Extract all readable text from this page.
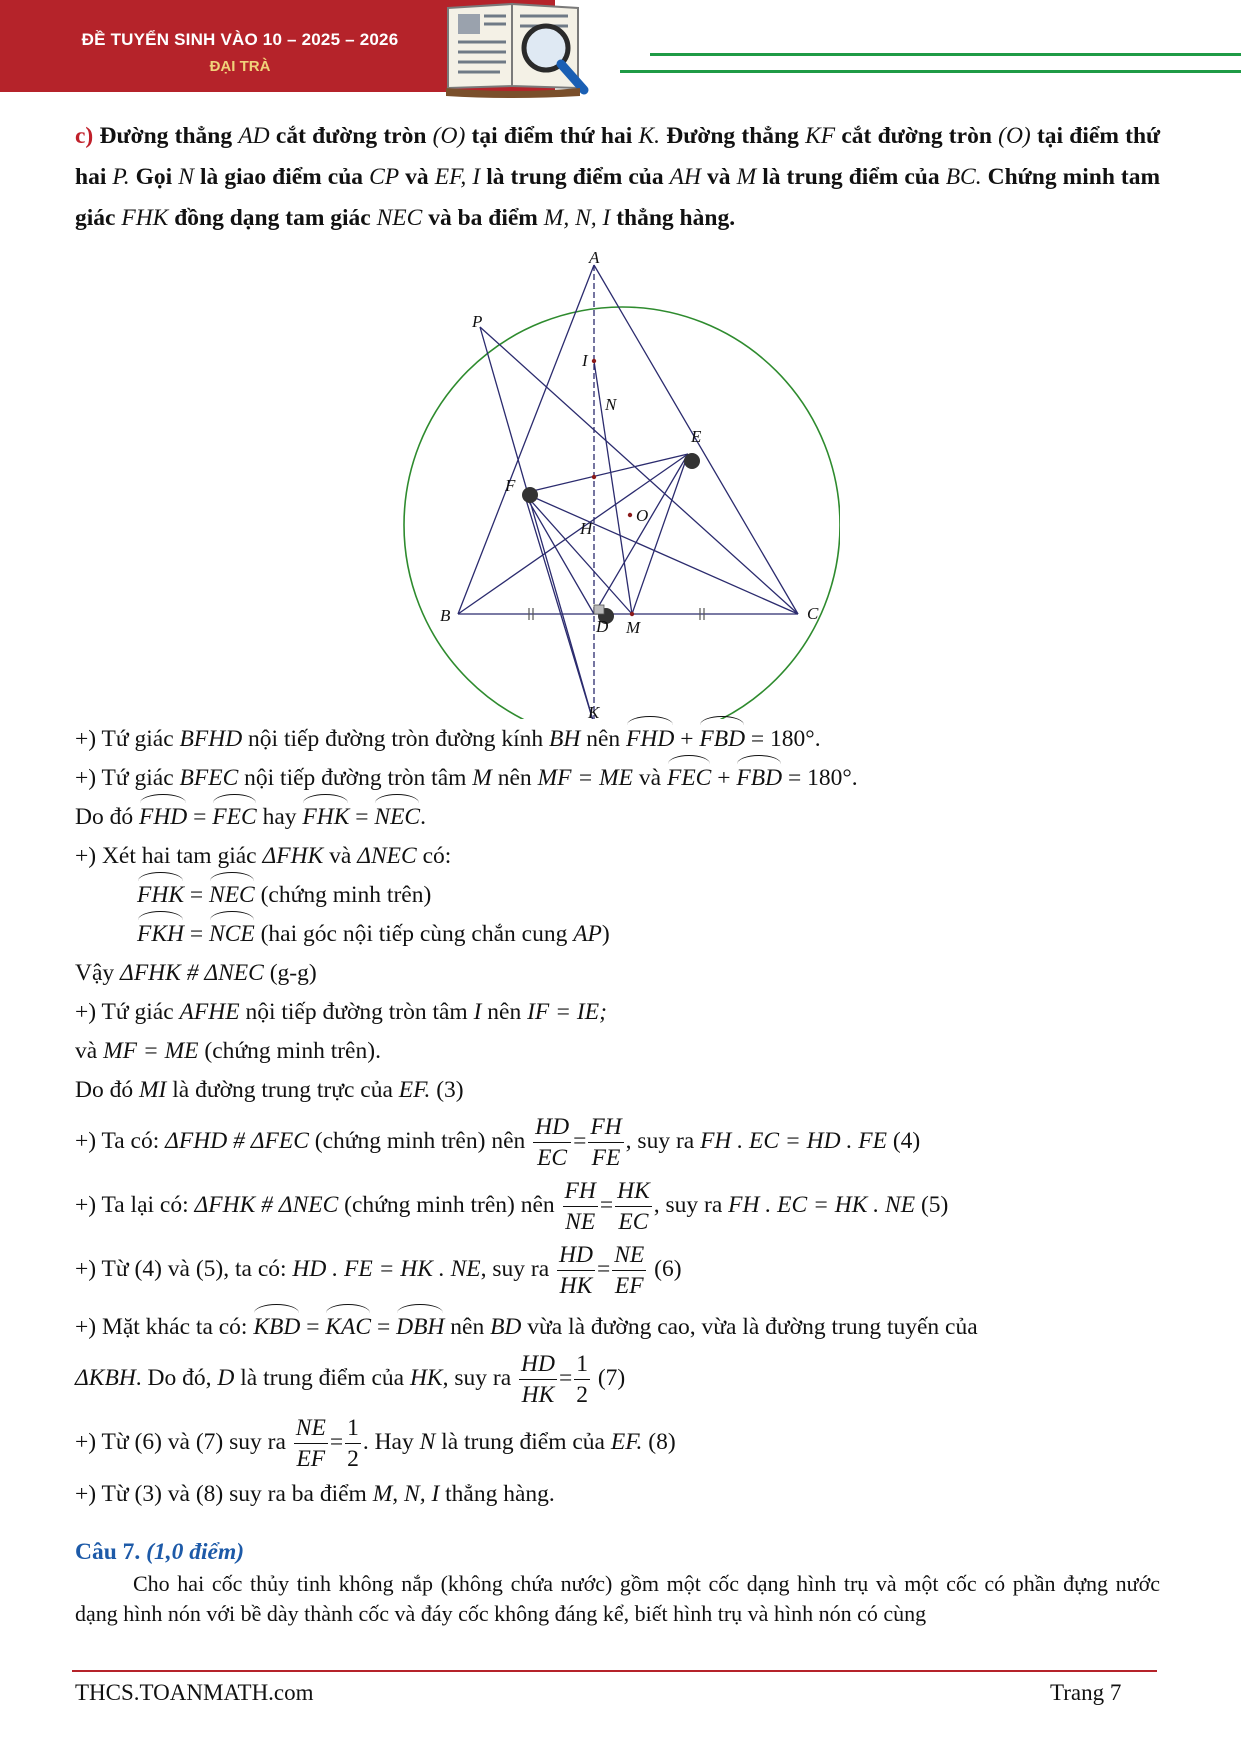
ĐỀ TUYỂN SINH VÀO 10 – 2025 – 2026
ĐẠI TRÀ
c) Đường thẳng AD cắt đường tròn (O) tại điểm thứ hai K. Đường thẳng KF cắt đường tròn (O) tại điểm thứ hai P. Gọi N là giao điểm của CP và EF, I là trung điểm của AH và M là trung điểm của BC. Chứng minh tam giác FHK đồng dạng tam giác NEC và ba điểm M, N, I thẳng hàng.
A
P
I
N
E
F
O
H
B
D M
C
K
+) Tứ giác BFHD nội tiếp đường tròn đường kính BH nên FHD + FBD = 180°.
+) Tứ giác BFEC nội tiếp đường tròn tâm M nên MF = ME và FEC + FBD = 180°.
Do đó FHD = FEC hay FHK = NEC.
+) Xét hai tam giác ΔFHK và ΔNEC có:
FHK = NEC (chứng minh trên)
FKH = NCE (hai góc nội tiếp cùng chắn cung AP)
Vậy ΔFHK # ΔNEC (g-g)
+) Tứ giác AFHE nội tiếp đường tròn tâm I nên IF = IE;
và MF = ME (chứng minh trên).
Do đó MI là đường trung trực của EF. (3)
+) Ta có: ΔFHD # ΔFEC (chứng minh trên) nên $\frac{HD}{EC} = \frac{FH}{FE}$ , suy ra FH . EC = HD . FE (4)
+) Ta lại có: ΔFHK # ΔNEC (chứng minh trên) nên $\frac{FH}{NE} = \frac{HK}{EC}$ , suy ra FH . EC = HK . NE (5)
+) Từ (4) và (5), ta có: HD . FE = HK . NE, suy ra $\frac{HD}{HK} = \frac{NE}{EF} (6)$
+) Mặt khác ta có: KBD = KAC = DBH nên BD vừa là đường cao, vừa là đường trung tuyến của
ΔKBH. Do đó, D là trung điểm của HK, suy ra $\frac{HD}{HK} = \frac{1}{2} (7)$
+) Từ (6) và (7) suy ra $\frac{NE}{EF} = \frac{1}{2}$ . Hay N là trung điểm của EF. (8)
+) Từ (3) và (8) suy ra ba điểm M, N, I thẳng hàng.
Câu 7. (1,0 điểm)
Cho hai cốc thủy tinh không nắp (không chứa nước) gồm một cốc dạng hình trụ và một cốc có phần đựng nước dạng hình nón với bề dày thành cốc và đáy cốc không đáng kể, biết hình trụ và hình nón có cùng
THCS.TOANMATH.com	Trang 7
